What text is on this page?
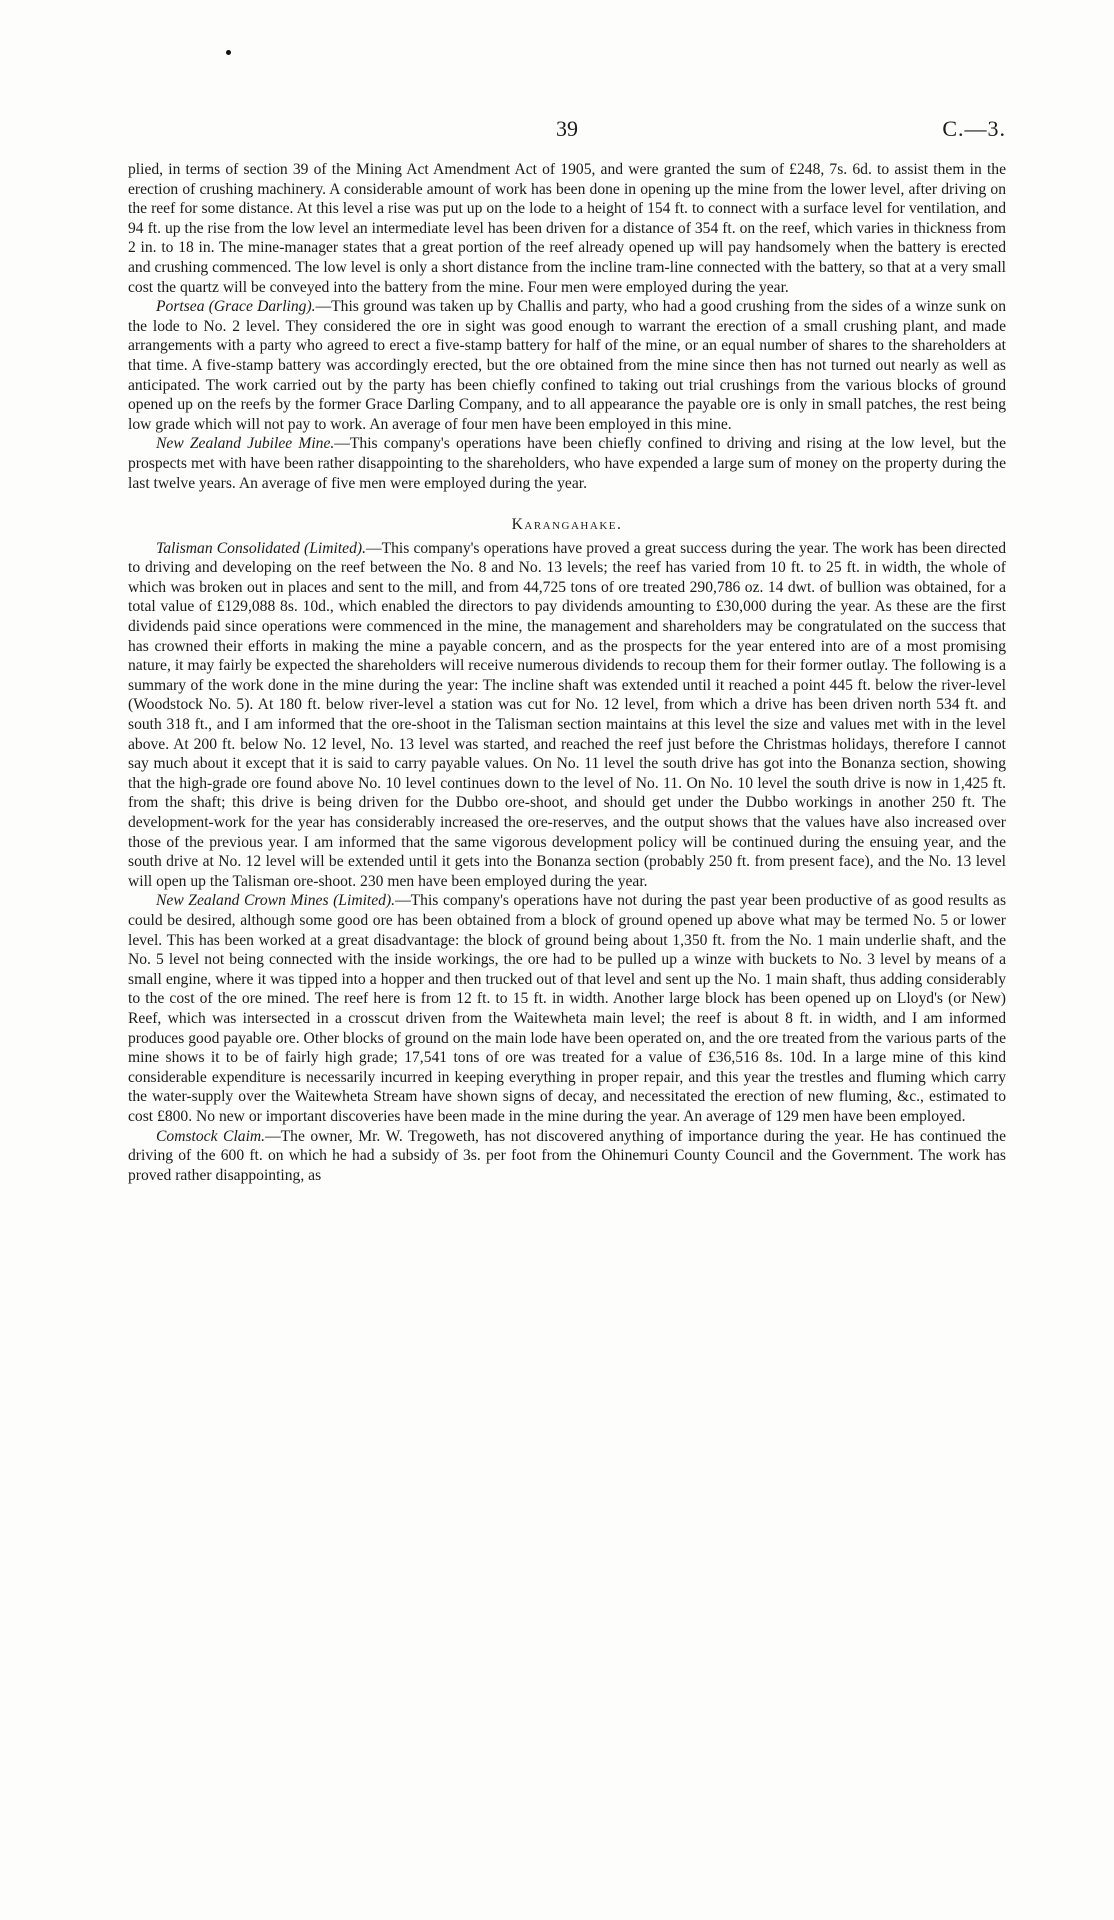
39	C.—3.

plied, in terms of section 39 of the Mining Act Amendment Act of 1905, and were granted the sum of £248, 7s. 6d. to assist them in the erection of crushing machinery. A considerable amount of work has been done in opening up the mine from the lower level, after driving on the reef for some distance. At this level a rise was put up on the lode to a height of 154 ft. to connect with a surface level for ventilation, and 94 ft. up the rise from the low level an intermediate level has been driven for a distance of 354 ft. on the reef, which varies in thickness from 2 in. to 18 in. The mine-manager states that a great portion of the reef already opened up will pay handsomely when the battery is erected and crushing commenced. The low level is only a short distance from the incline tram-line connected with the battery, so that at a very small cost the quartz will be conveyed into the battery from the mine. Four men were employed during the year.

Portsea (Grace Darling).—This ground was taken up by Challis and party, who had a good crushing from the sides of a winze sunk on the lode to No. 2 level. They considered the ore in sight was good enough to warrant the erection of a small crushing plant, and made arrangements with a party who agreed to erect a five-stamp battery for half of the mine, or an equal number of shares to the shareholders at that time. A five-stamp battery was accordingly erected, but the ore obtained from the mine since then has not turned out nearly as well as anticipated. The work carried out by the party has been chiefly confined to taking out trial crushings from the various blocks of ground opened up on the reefs by the former Grace Darling Company, and to all appearance the payable ore is only in small patches, the rest being low grade which will not pay to work. An average of four men have been employed in this mine.

New Zealand Jubilee Mine.—This company's operations have been chiefly confined to driving and rising at the low level, but the prospects met with have been rather disappointing to the shareholders, who have expended a large sum of money on the property during the last twelve years. An average of five men were employed during the year.

Karangahake.

Talisman Consolidated (Limited).—This company's operations have proved a great success during the year. The work has been directed to driving and developing on the reef between the No. 8 and No. 13 levels; the reef has varied from 10 ft. to 25 ft. in width, the whole of which was broken out in places and sent to the mill, and from 44,725 tons of ore treated 290,786 oz. 14 dwt. of bullion was obtained, for a total value of £129,088 8s. 10d., which enabled the directors to pay dividends amounting to £30,000 during the year. As these are the first dividends paid since operations were commenced in the mine, the management and shareholders may be congratulated on the success that has crowned their efforts in making the mine a payable concern, and as the prospects for the year entered into are of a most promising nature, it may fairly be expected the shareholders will receive numerous dividends to recoup them for their former outlay. The following is a summary of the work done in the mine during the year: The incline shaft was extended until it reached a point 445 ft. below the river-level (Woodstock No. 5). At 180 ft. below river-level a station was cut for No. 12 level, from which a drive has been driven north 534 ft. and south 318 ft., and I am informed that the ore-shoot in the Talisman section maintains at this level the size and values met with in the level above. At 200 ft. below No. 12 level, No. 13 level was started, and reached the reef just before the Christmas holidays, therefore I cannot say much about it except that it is said to carry payable values. On No. 11 level the south drive has got into the Bonanza section, showing that the high-grade ore found above No. 10 level continues down to the level of No. 11. On No. 10 level the south drive is now in 1,425 ft. from the shaft; this drive is being driven for the Dubbo ore-shoot, and should get under the Dubbo workings in another 250 ft. The development-work for the year has considerably increased the ore-reserves, and the output shows that the values have also increased over those of the previous year. I am informed that the same vigorous development policy will be continued during the ensuing year, and the south drive at No. 12 level will be extended until it gets into the Bonanza section (probably 250 ft. from present face), and the No. 13 level will open up the Talisman ore-shoot. 230 men have been employed during the year.

New Zealand Crown Mines (Limited).—This company's operations have not during the past year been productive of as good results as could be desired, although some good ore has been obtained from a block of ground opened up above what may be termed No. 5 or lower level. This has been worked at a great disadvantage: the block of ground being about 1,350 ft. from the No. 1 main underlie shaft, and the No. 5 level not being connected with the inside workings, the ore had to be pulled up a winze with buckets to No. 3 level by means of a small engine, where it was tipped into a hopper and then trucked out of that level and sent up the No. 1 main shaft, thus adding considerably to the cost of the ore mined. The reef here is from 12 ft. to 15 ft. in width. Another large block has been opened up on Lloyd's (or New) Reef, which was intersected in a crosscut driven from the Waitewheta main level; the reef is about 8 ft. in width, and I am informed produces good payable ore. Other blocks of ground on the main lode have been operated on, and the ore treated from the various parts of the mine shows it to be of fairly high grade; 17,541 tons of ore was treated for a value of £36,516 8s. 10d. In a large mine of this kind considerable expenditure is necessarily incurred in keeping everything in proper repair, and this year the trestles and fluming which carry the water-supply over the Waitewheta Stream have shown signs of decay, and necessitated the erection of new fluming, &c., estimated to cost £800. No new or important discoveries have been made in the mine during the year. An average of 129 men have been employed.

Comstock Claim.—The owner, Mr. W. Tregoweth, has not discovered anything of importance during the year. He has continued the driving of the 600 ft. on which he had a subsidy of 3s. per foot from the Ohinemuri County Council and the Government. The work has proved rather disappointing, as
